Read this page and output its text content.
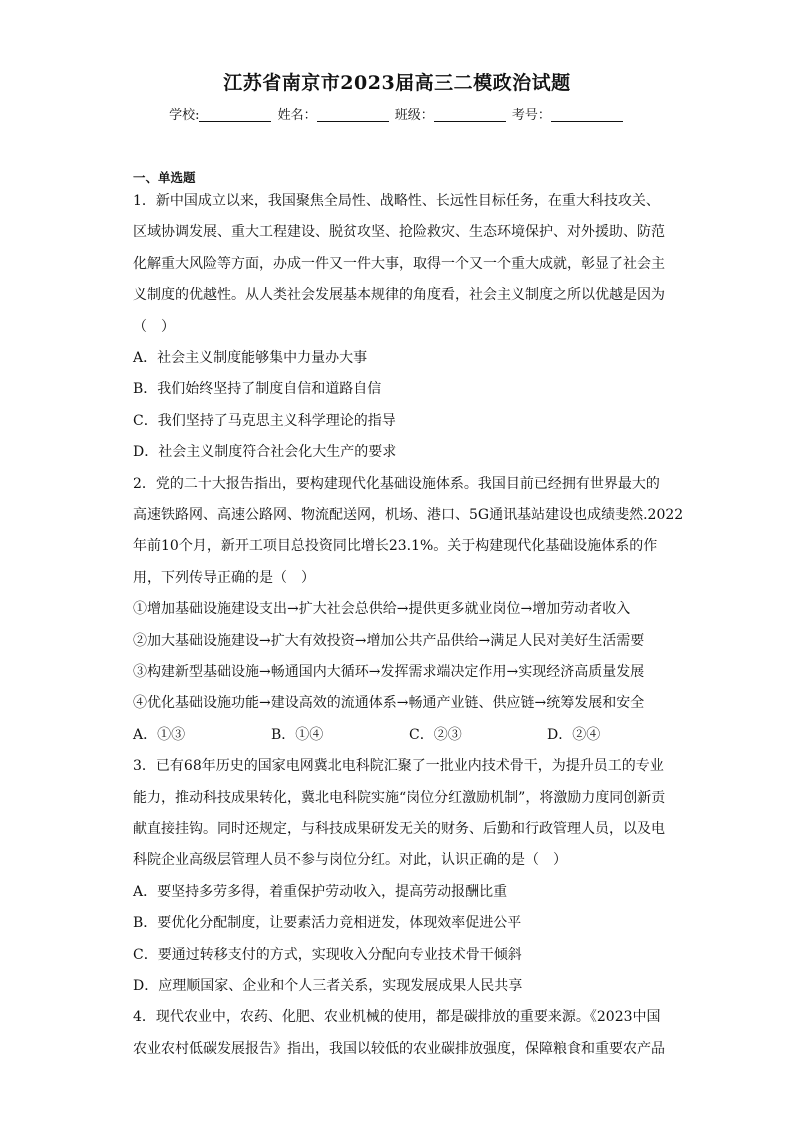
江苏省南京市2023届高三二模政治试题
学校:	姓名：	班级：	考号：
一、单选题
1．新中国成立以来，我国聚焦全局性、战略性、长远性目标任务，在重大科技攻关、
区域协调发展、重大工程建设、脱贫攻坚、抢险救灾、生态环境保护、对外援助、防范
化解重大风险等方面，办成一件又一件大事，取得一个又一个重大成就，彰显了社会主
义制度的优越性。从人类社会发展基本规律的角度看，社会主义制度之所以优越是因为
（　）
A．社会主义制度能够集中力量办大事
B．我们始终坚持了制度自信和道路自信
C．我们坚持了马克思主义科学理论的指导
D．社会主义制度符合社会化大生产的要求
2．党的二十大报告指出，要构建现代化基础设施体系。我国目前已经拥有世界最大的
高速铁路网、高速公路网、物流配送网，机场、港口、5G通讯基站建设也成绩斐然.2022
年前10个月，新开工项目总投资同比增长23.1%。关于构建现代化基础设施体系的作
用，下列传导正确的是（　）
①增加基础设施建设支出→扩大社会总供给→提供更多就业岗位→增加劳动者收入
②加大基础设施建设→扩大有效投资→增加公共产品供给→满足人民对美好生活需要
③构建新型基础设施→畅通国内大循环→发挥需求端决定作用→实现经济高质量发展
④优化基础设施功能→建设高效的流通体系→畅通产业链、供应链→统筹发展和安全
A．①③	B．①④	C．②③	D．②④
3．已有68年历史的国家电网冀北电科院汇聚了一批业内技术骨干，为提升员工的专业
能力，推动科技成果转化，冀北电科院实施“岗位分红激励机制”，将激励力度同创新贡
献直接挂钩。同时还规定，与科技成果研发无关的财务、后勤和行政管理人员，以及电
科院企业高级层管理人员不参与岗位分红。对此，认识正确的是（　）
A．要坚持多劳多得，着重保护劳动收入，提高劳动报酬比重
B．要优化分配制度，让要素活力竞相迸发，体现效率促进公平
C．要通过转移支付的方式，实现收入分配向专业技术骨干倾斜
D．应理顺国家、企业和个人三者关系，实现发展成果人民共享
4．现代农业中，农药、化肥、农业机械的使用，都是碳排放的重要来源。《2023中国
农业农村低碳发展报告》指出，我国以较低的农业碳排放强度，保障粮食和重要农产品
